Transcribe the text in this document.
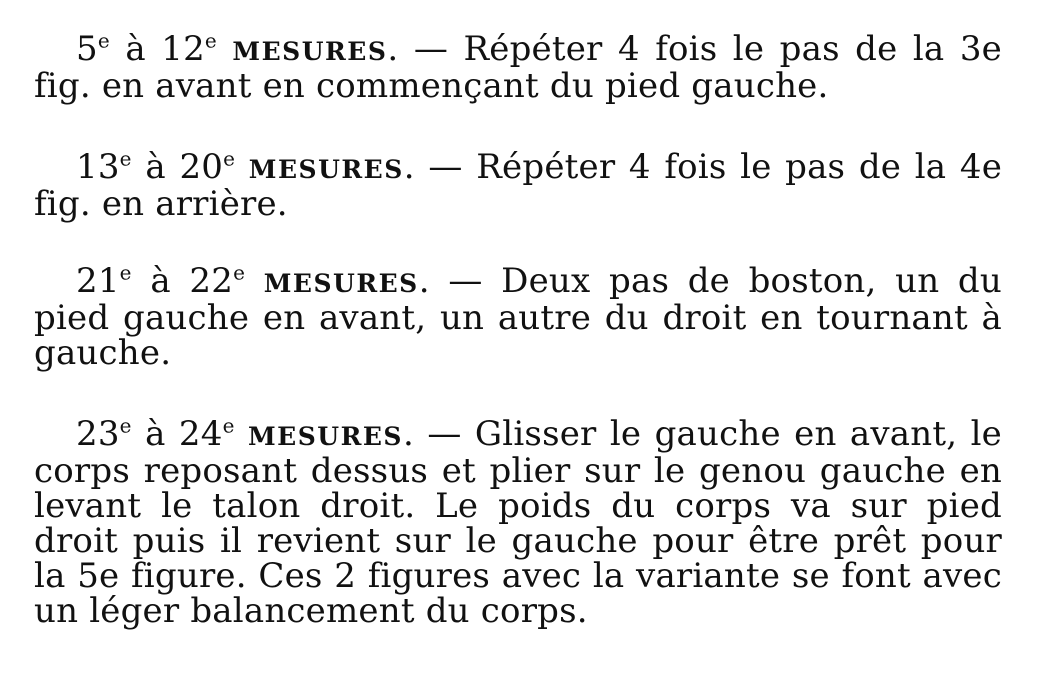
5e à 12e MESURES. — Répéter 4 fois le pas de la 3e fig. en avant en commençant du pied gauche.

13e à 20e MESURES. — Répéter 4 fois le pas de la 4e fig. en arrière.

21e à 22e MESURES. — Deux pas de boston, un du pied gauche en avant, un autre du droit en tournant à gauche.

23e à 24e MESURES. — Glisser le gauche en avant, le corps reposant dessus et plier sur le genou gauche en levant le talon droit. Le poids du corps va sur pied droit puis il revient sur le gauche pour être prêt pour la 5e figure. Ces 2 figures avec la variante se font avec un léger balancement du corps.
